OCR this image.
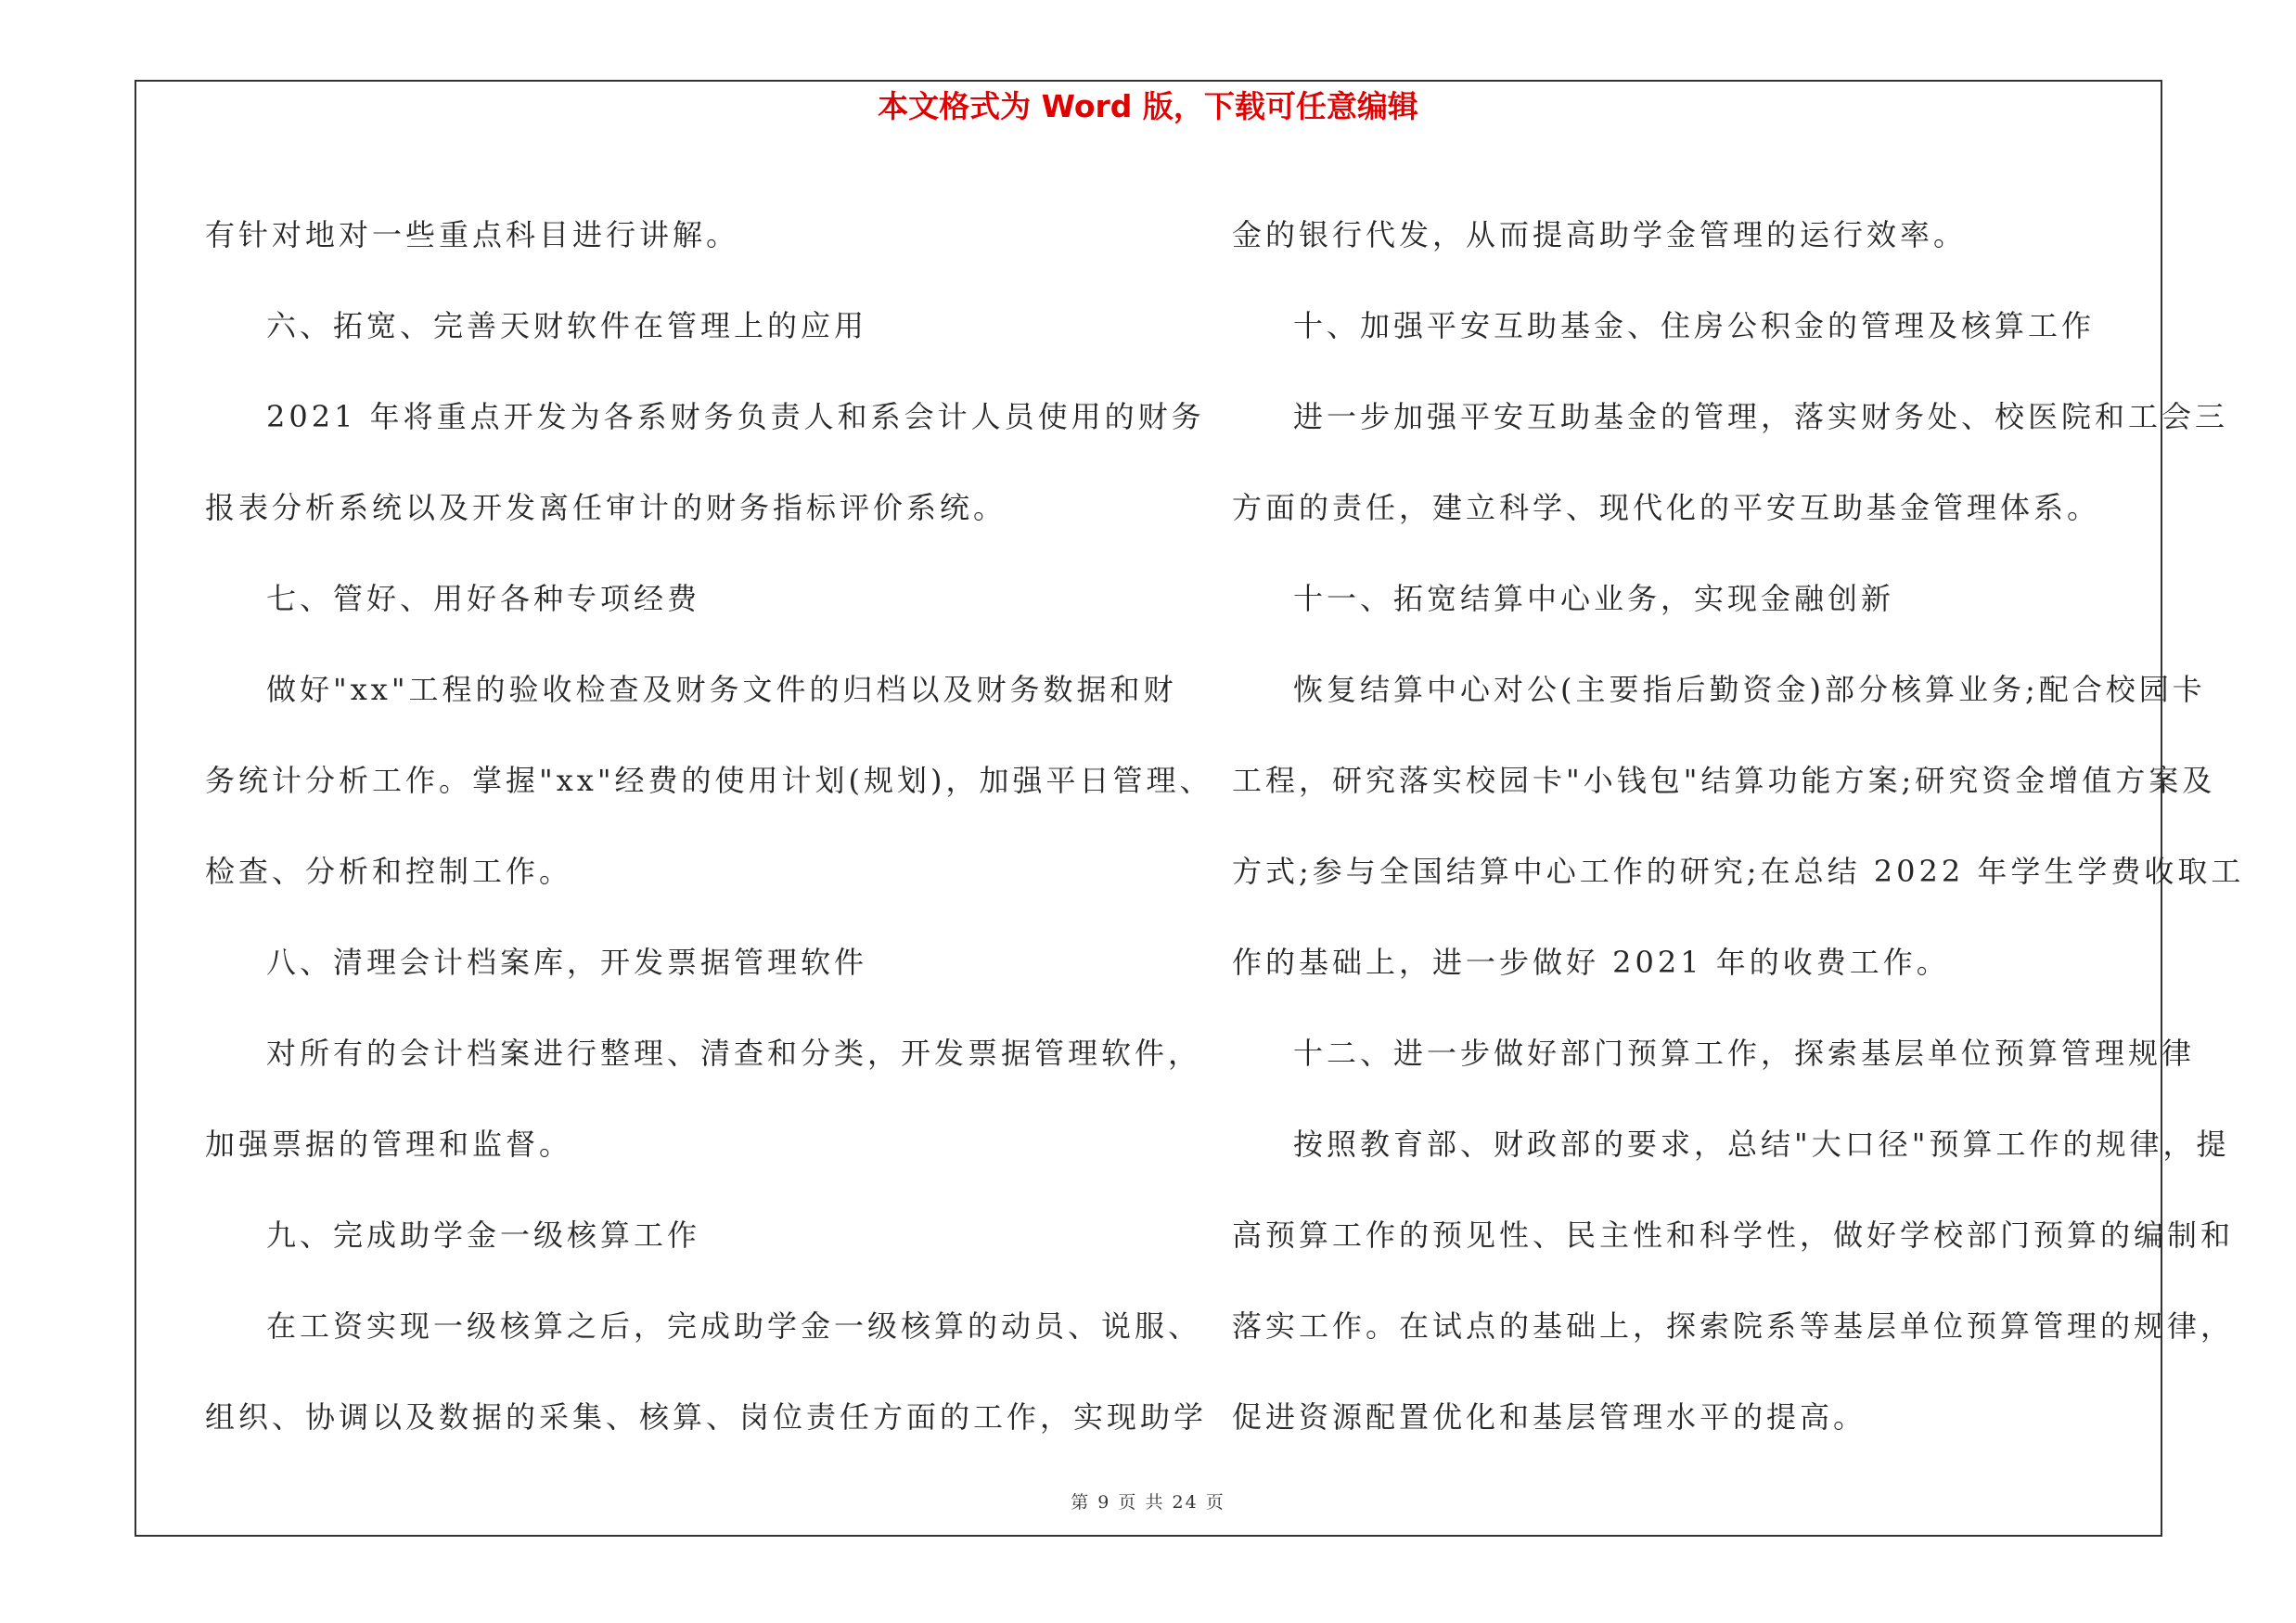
本文格式为 Word 版，下载可任意编辑
有针对地对一些重点科目进行讲解。
六、拓宽、完善天财软件在管理上的应用
2021 年将重点开发为各系财务负责人和系会计人员使用的财务
报表分析系统以及开发离任审计的财务指标评价系统。
七、管好、用好各种专项经费
做好"xx"工程的验收检查及财务文件的归档以及财务数据和财
务统计分析工作。掌握"xx"经费的使用计划(规划)，加强平日管理、
检查、分析和控制工作。
八、清理会计档案库，开发票据管理软件
对所有的会计档案进行整理、清查和分类，开发票据管理软件，
加强票据的管理和监督。
九、完成助学金一级核算工作
在工资实现一级核算之后，完成助学金一级核算的动员、说服、
组织、协调以及数据的采集、核算、岗位责任方面的工作，实现助学
金的银行代发，从而提高助学金管理的运行效率。
十、加强平安互助基金、住房公积金的管理及核算工作
进一步加强平安互助基金的管理，落实财务处、校医院和工会三
方面的责任，建立科学、现代化的平安互助基金管理体系。
十一、拓宽结算中心业务，实现金融创新
恢复结算中心对公(主要指后勤资金)部分核算业务;配合校园卡
工程，研究落实校园卡"小钱包"结算功能方案;研究资金增值方案及
方式;参与全国结算中心工作的研究;在总结 2022 年学生学费收取工
作的基础上，进一步做好 2021 年的收费工作。
十二、进一步做好部门预算工作，探索基层单位预算管理规律
按照教育部、财政部的要求，总结"大口径"预算工作的规律，提
高预算工作的预见性、民主性和科学性，做好学校部门预算的编制和
落实工作。在试点的基础上，探索院系等基层单位预算管理的规律，
促进资源配置优化和基层管理水平的提高。
第 9 页 共 24 页
